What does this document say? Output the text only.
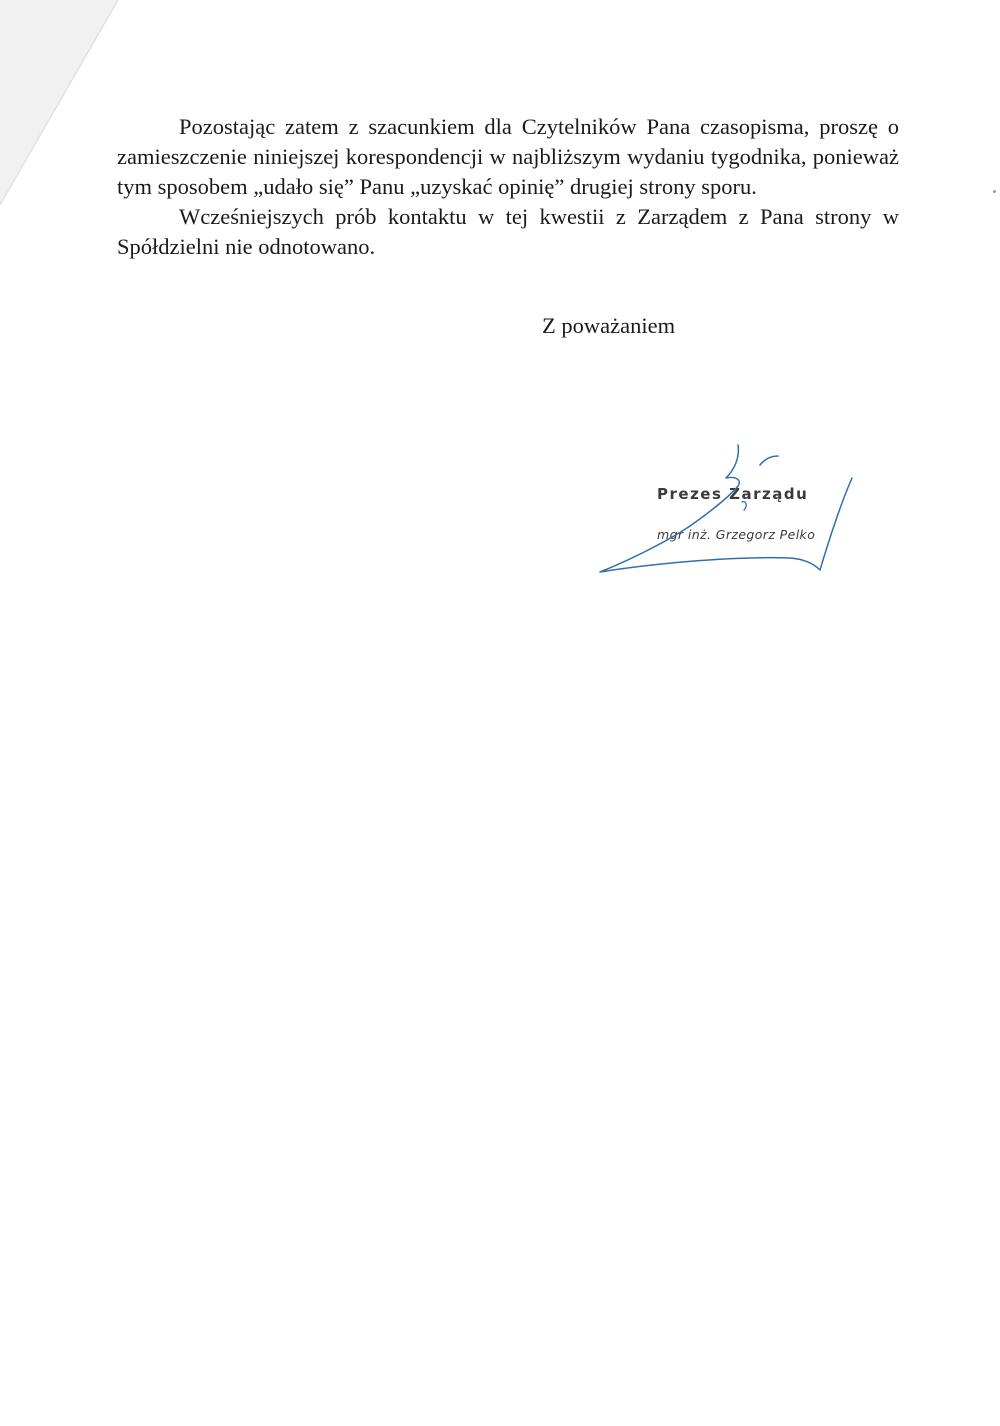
Pozostając zatem z szacunkiem dla Czytelników Pana czasopisma, proszę o zamieszczenie niniejszej korespondencji w najbliższym wydaniu tygodnika, ponieważ tym sposobem „udało się” Panu „uzyskać opinię” drugiej strony sporu.

Wcześniejszych prób kontaktu w tej kwestii z Zarządem z Pana strony w Spółdzielni nie odnotowano.

Z poważaniem
Prezes Zarządu
mgr inż. Grzegorz Pelko
